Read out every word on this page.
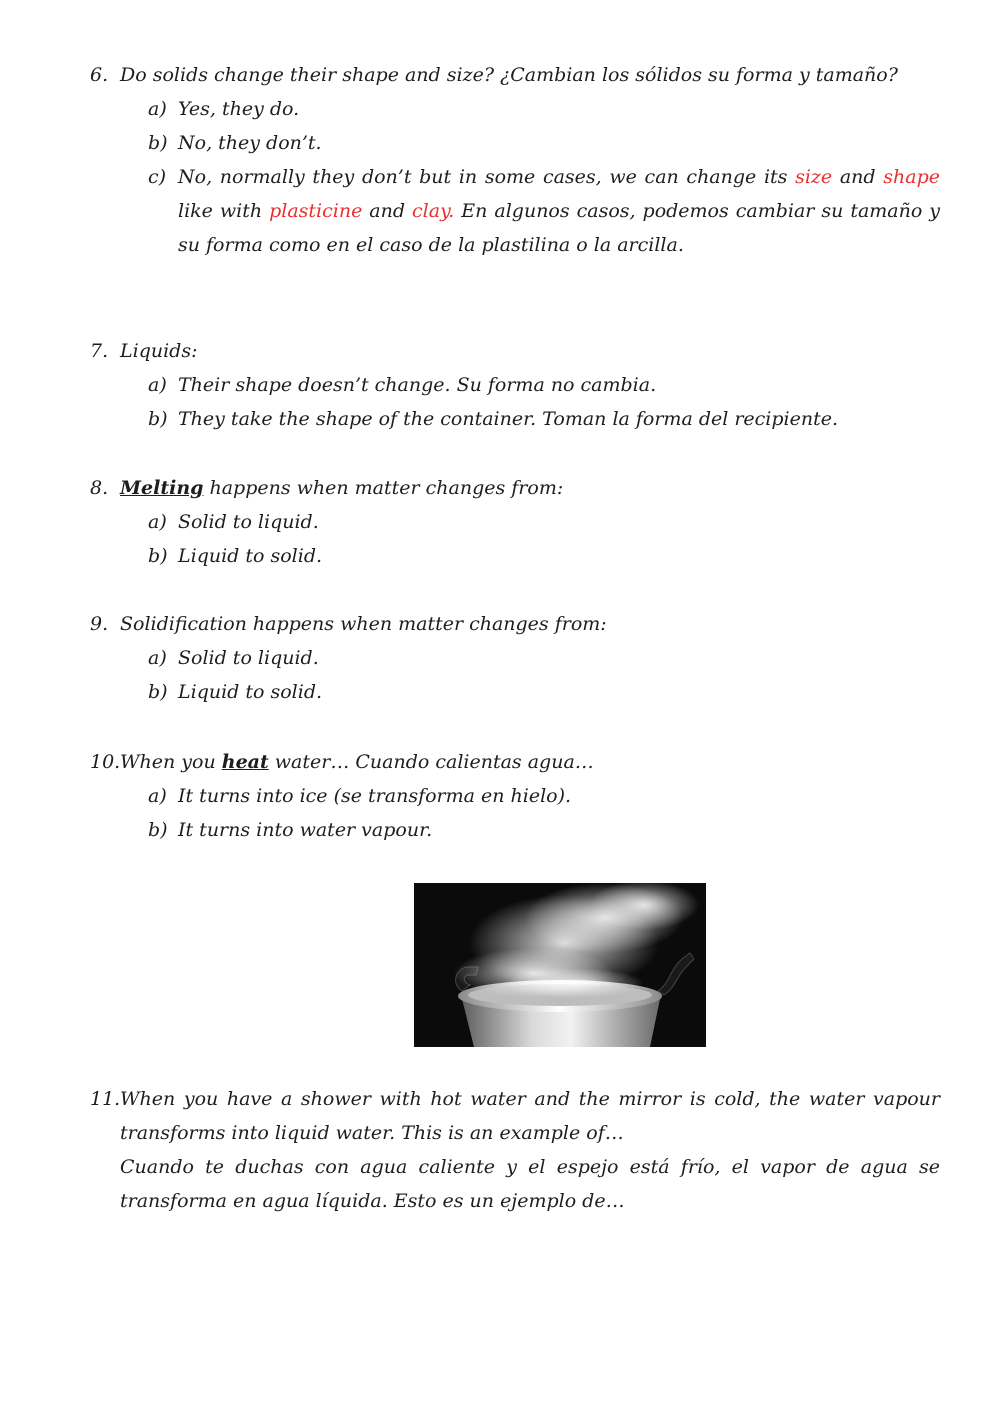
6. Do solids change their shape and size? ¿Cambian los sólidos su forma y tamaño?
a) Yes, they do.
b) No, they don’t.
c) No, normally they don’t but in some cases, we can change its size and shape like with plasticine and clay. En algunos casos, podemos cambiar su tamaño y su forma como en el caso de la plastilina o la arcilla.
7. Liquids:
a) Their shape doesn’t change. Su forma no cambia.
b) They take the shape of the container. Toman la forma del recipiente.
8. Melting happens when matter changes from:
a) Solid to liquid.
b) Liquid to solid.
9. Solidification happens when matter changes from:
a) Solid to liquid.
b) Liquid to solid.
10. When you heat water… Cuando calientas agua…
a) It turns into ice (se transforma en hielo).
b) It turns into water vapour.
11. When you have a shower with hot water and the mirror is cold, the water vapour transforms into liquid water. This is an example of…
Cuando te duchas con agua caliente y el espejo está frío, el vapor de agua se transforma en agua líquida. Esto es un ejemplo de…
